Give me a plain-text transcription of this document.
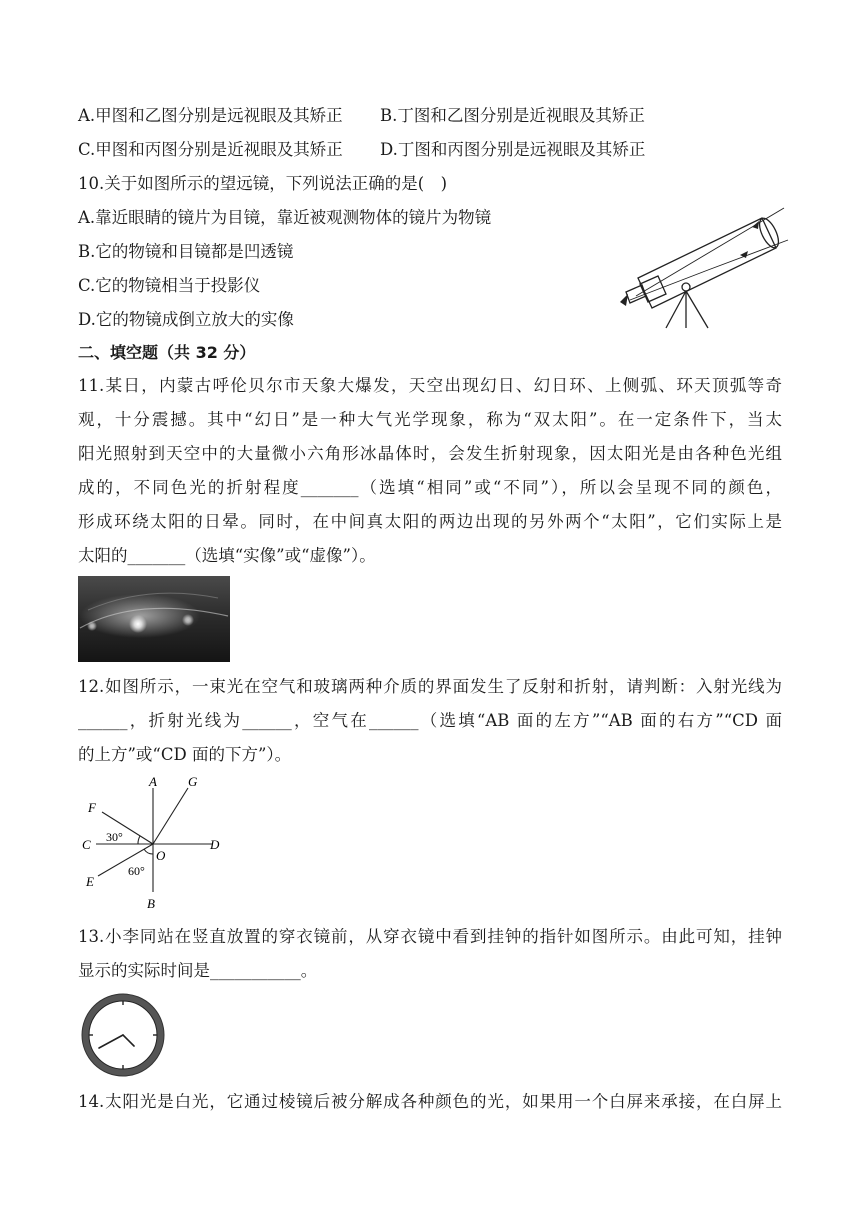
A.甲图和乙图分别是远视眼及其矫正 B.丁图和乙图分别是近视眼及其矫正
C.甲图和丙图分别是近视眼及其矫正 D.丁图和丙图分别是远视眼及其矫正
10.关于如图所示的望远镜，下列说法正确的是(　)
A.靠近眼睛的镜片为目镜，靠近被观测物体的镜片为物镜
B.它的物镜和目镜都是凹透镜
C.它的物镜相当于投影仪
D.它的物镜成倒立放大的实像
二、填空题（共 32 分）
11.某日，内蒙古呼伦贝尔市天象大爆发，天空出现幻日、幻日环、上侧弧、环天顶弧等奇
观，十分震撼。其中“幻日”是一种大气光学现象，称为“双太阳”。在一定条件下，当太
阳光照射到天空中的大量微小六角形冰晶体时，会发生折射现象，因太阳光是由各种色光组
成的，不同色光的折射程度_______（选填“相同”或“不同”），所以会呈现不同的颜色，
形成环绕太阳的日晕。同时，在中间真太阳的两边出现的另外两个“太阳”，它们实际上是
太阳的_______（选填“实像”或“虚像”）。
12.如图所示，一束光在空气和玻璃两种介质的界面发生了反射和折射，请判断：入射光线为
______，折射光线为______，空气在______（选填“AB 面的左方”“AB 面的右方”“CD 面
的上方”或“CD 面的下方”）。
A G
F
30°
C
O
D
E
60°
B
13.小李同站在竖直放置的穿衣镜前，从穿衣镜中看到挂钟的指针如图所示。由此可知，挂钟
显示的实际时间是___________。
14.太阳光是白光，它通过棱镜后被分解成各种颜色的光，如果用一个白屏来承接，在白屏上
